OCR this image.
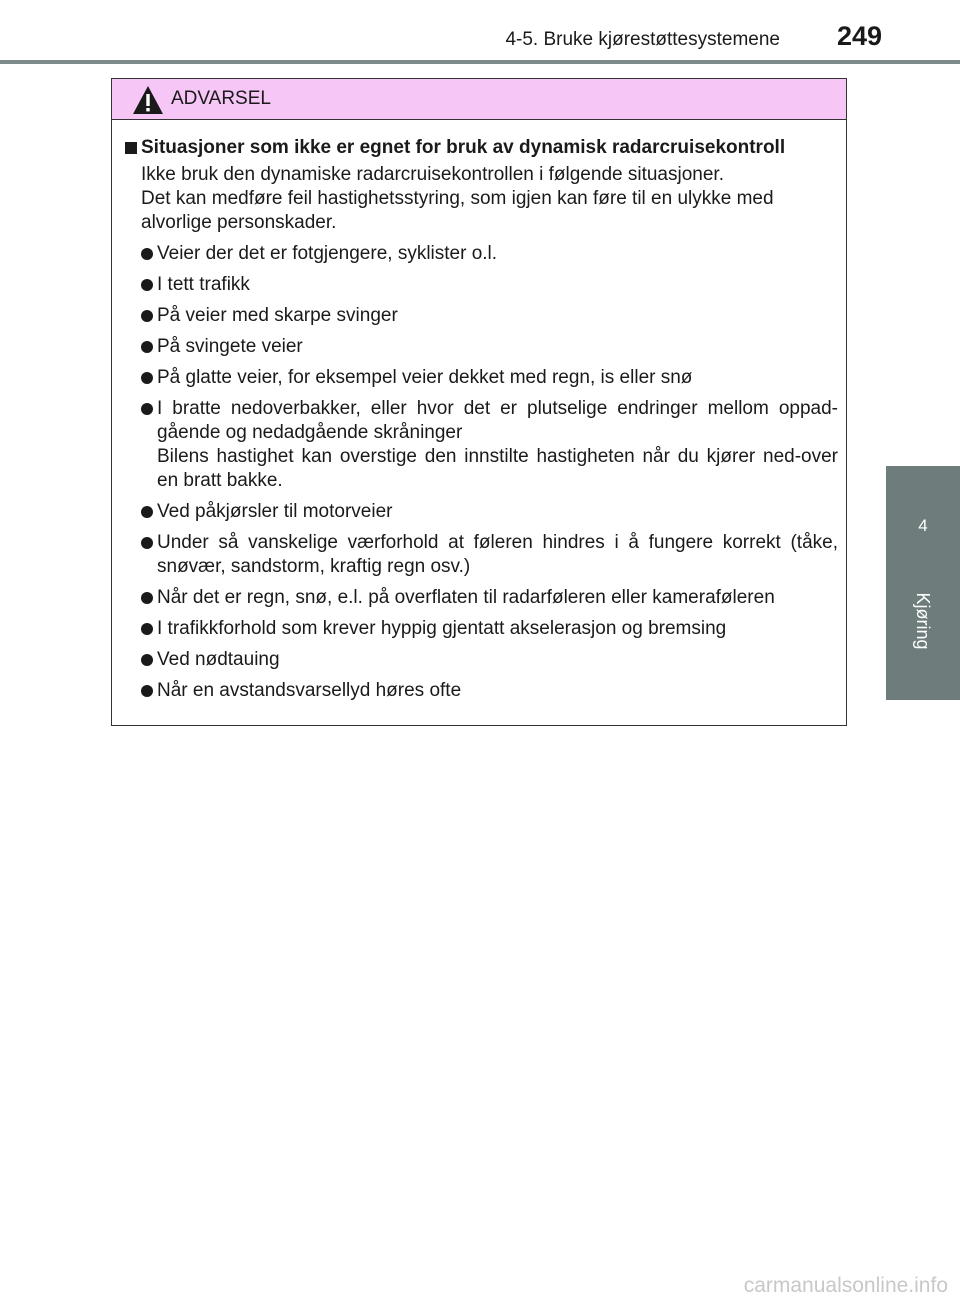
4-5. Bruke kjørestøttesystemene 249
4
Kjøring
ADVARSEL
Situasjoner som ikke er egnet for bruk av dynamisk radarcruisekontroll

Ikke bruk den dynamiske radarcruisekontrollen i følgende situasjoner.

Det kan medføre feil hastighetsstyring, som igjen kan føre til en ulykke med alvorlige personskader.

Veier der det er fotgjengere, syklister o.l.
I tett trafikk
På veier med skarpe svinger
På svingete veier
På glatte veier, for eksempel veier dekket med regn, is eller snø
I bratte nedoverbakker, eller hvor det er plutselige endringer mellom oppad-gående og nedadgående skråninger
Bilens hastighet kan overstige den innstilte hastigheten når du kjører ned-over en bratt bakke.
Ved påkjørsler til motorveier
Under så vanskelige værforhold at føleren hindres i å fungere korrekt (tåke, snøvær, sandstorm, kraftig regn osv.)
Når det er regn, snø, e.l. på overflaten til radarføleren eller kameraføleren
I trafikkforhold som krever hyppig gjentatt akselerasjon og bremsing
Ved nødtauing
Når en avstandsvarsellyd høres ofte
carmanualsonline.info
